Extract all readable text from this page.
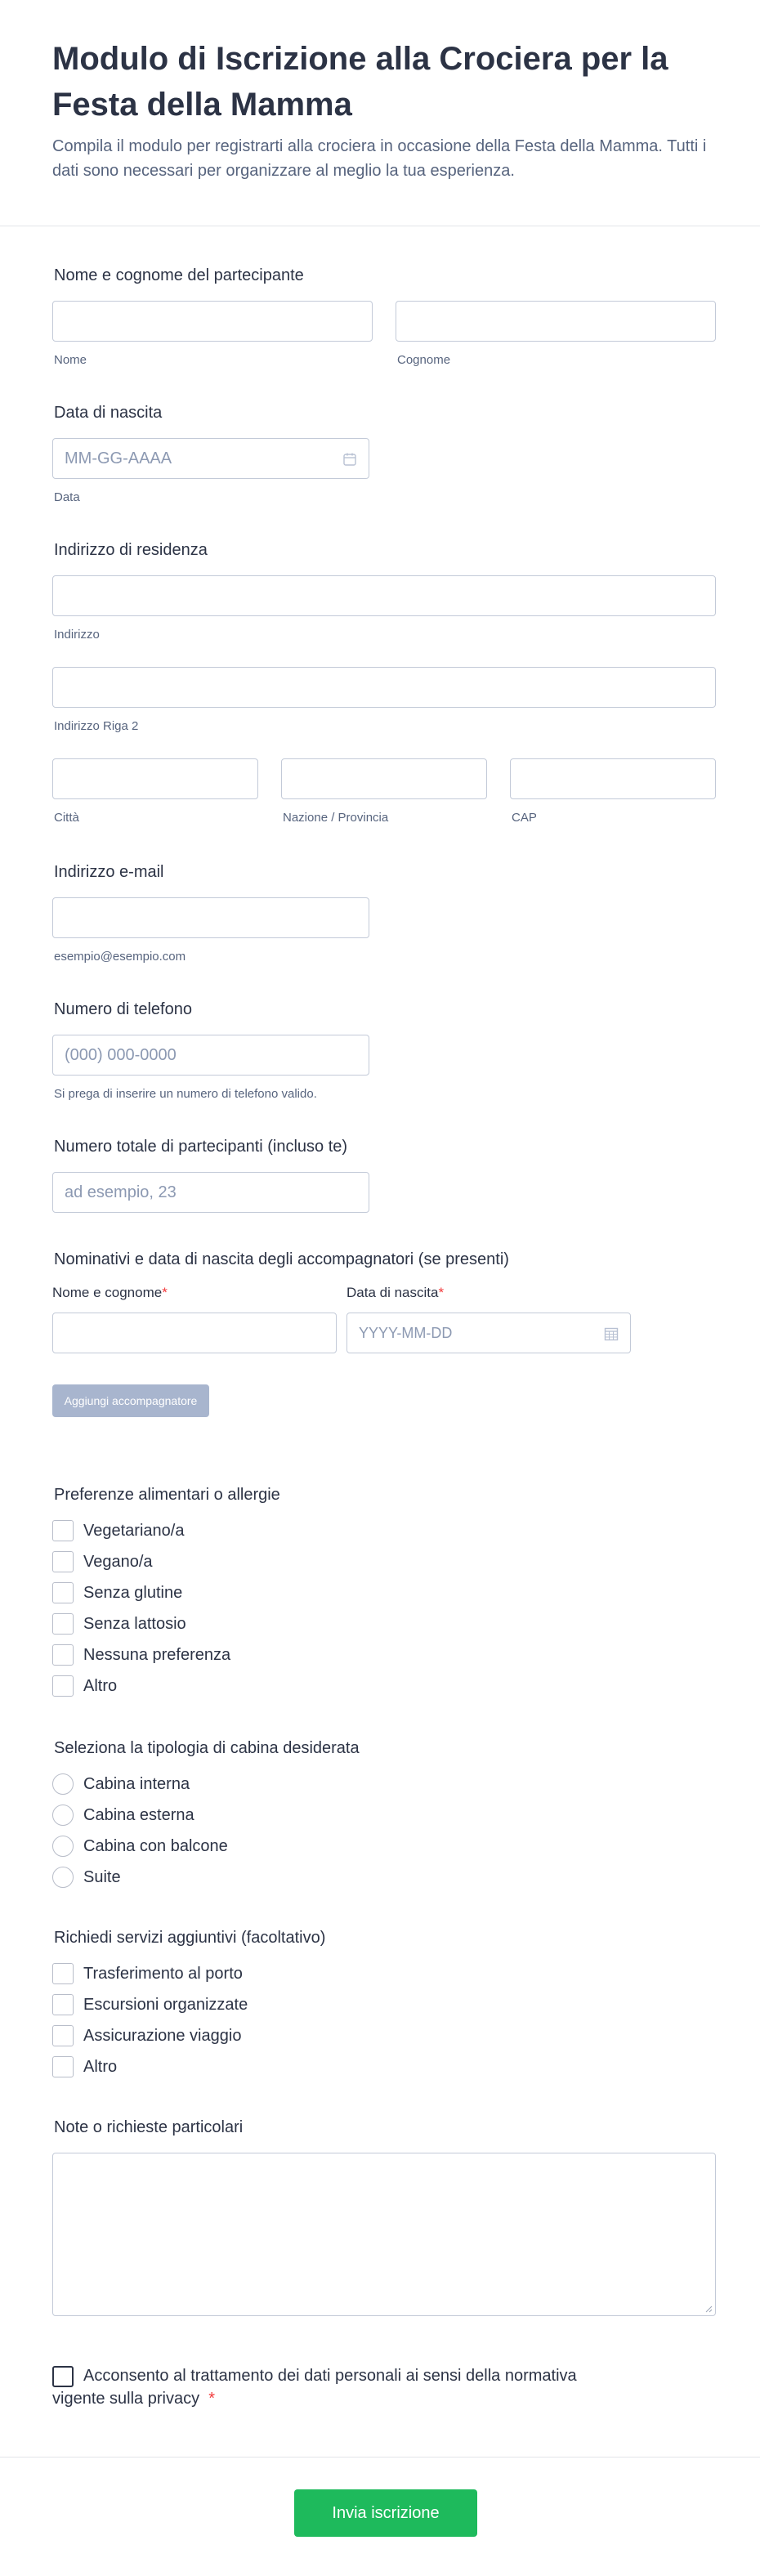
Modulo di Iscrizione alla Crociera per la Festa della Mamma

Compila il modulo per registrarti alla crociera in occasione della Festa della Mamma. Tutti i dati sono necessari per organizzare al meglio la tua esperienza.

Nome e cognome del partecipante
Nome	Cognome
Data di nascita
MM-GG-AAAA
Data
Indirizzo di residenza
Indirizzo
Indirizzo Riga 2
Città	Nazione / Provincia	CAP
Indirizzo e-mail
esempio@esempio.com
Numero di telefono
(000) 000-0000
Si prega di inserire un numero di telefono valido.
Numero totale di partecipanti (incluso te)
ad esempio, 23
Nominativi e data di nascita degli accompagnatori (se presenti)
Nome e cognome*	Data di nascita*
YYYY-MM-DD
Aggiungi accompagnatore
Preferenze alimentari o allergie
Vegetariano/a
Vegano/a
Senza glutine
Senza lattosio
Nessuna preferenza
Altro
Seleziona la tipologia di cabina desiderata
Cabina interna
Cabina esterna
Cabina con balcone
Suite
Richiedi servizi aggiuntivi (facoltativo)
Trasferimento al porto
Escursioni organizzate
Assicurazione viaggio
Altro
Note o richieste particolari
Acconsento al trattamento dei dati personali ai sensi della normativa vigente sulla privacy *
Invia iscrizione
